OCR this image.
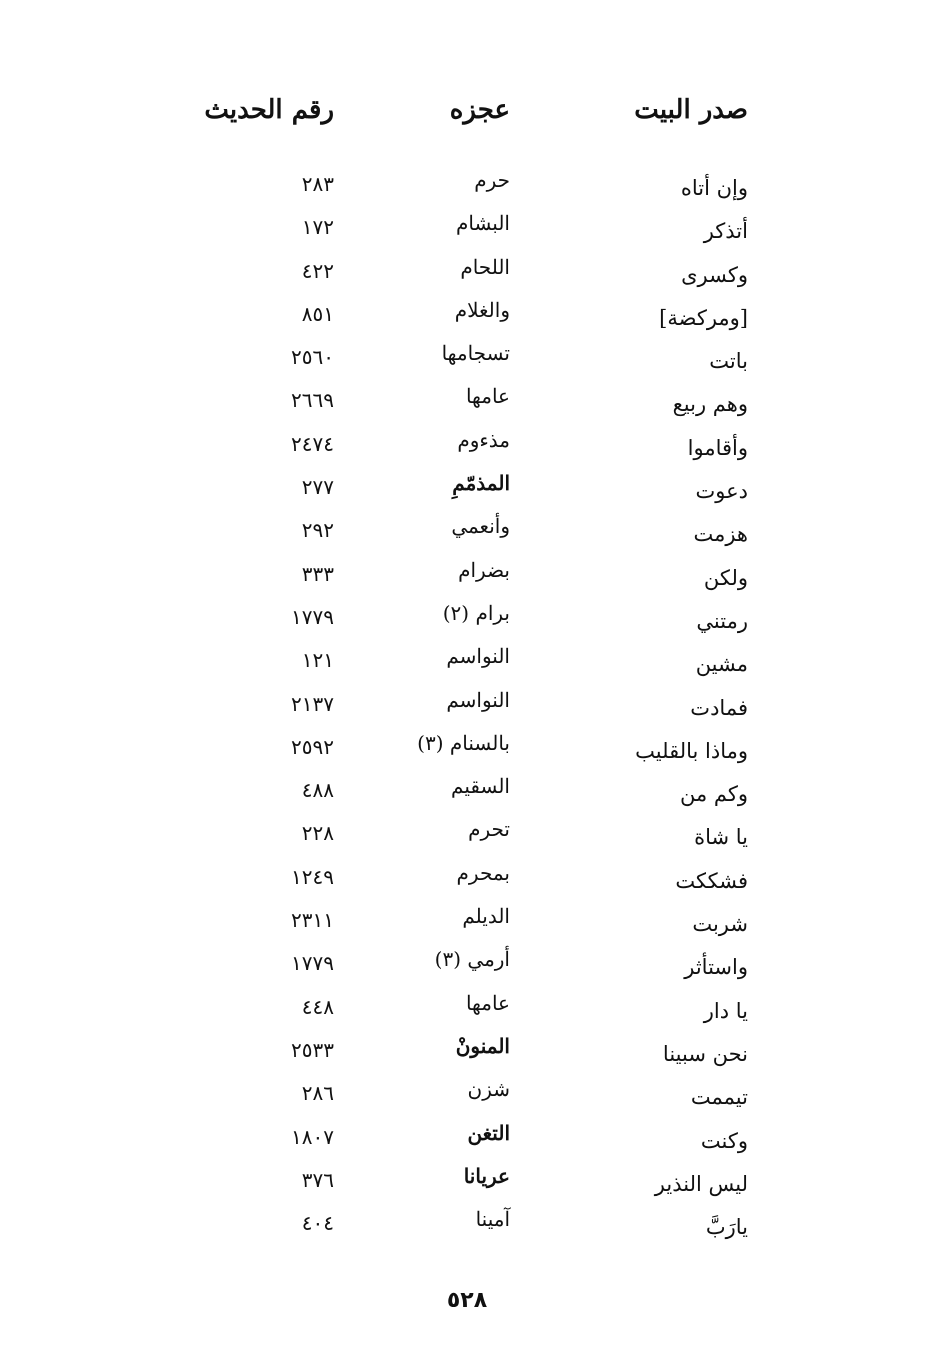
صدر البيت
عجزه
رقم الحديث
وإن أتاه
حرم
٢٨٣
أتذكر
البشام
١٧٢
وكسرى
اللحام
٤٢٢
[ومركضة]
والغلام
٨٥١
باتت
تسجامها
٢٥٦٠
وهم ربيع
عامها
٢٦٦٩
وأقاموا
مذءوم
٢٤٧٤
دعوت
المذمّمِ
٢٧٧
هزمت
وأنعمي
٢٩٢
ولكن
بضرام
٣٣٣
رمتني
برام (٢)
١٧٧٩
مشين
النواسم
١٢١
فمادت
النواسم
٢١٣٧
وماذا بالقليب
بالسنام (٣)
٢٥٩٢
وكم من
السقيم
٤٨٨
يا شاة
تحرم
٢٢٨
فشككت
بمحرم
١٢٤٩
شربت
الديلم
٢٣١١
واستأثر
أرمي (٣)
١٧٧٩
يا دار
عامها
٤٤٨
نحن سبينا
المنونْ
٢٥٣٣
تيممت
شزن
٢٨٦
وكنت
التغن
١٨٠٧
ليس النذير
عريانا
٣٧٦
يارَبَّ
آمينا
٤٠٤
٥٢٨
